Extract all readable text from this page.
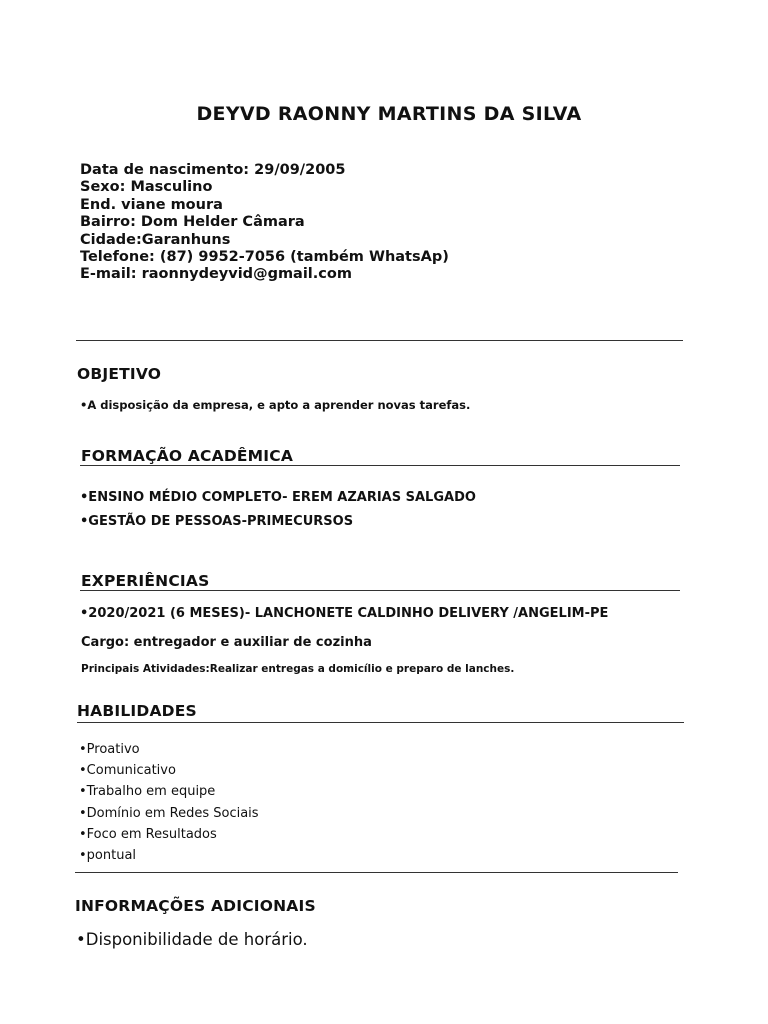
DEYVD RAONNY MARTINS DA SILVA
Data de nascimento: 29/09/2005
Sexo: Masculino
End. viane moura
Bairro: Dom Helder Câmara
Cidade:Garanhuns
Telefone: (87) 9952-7056 (também WhatsAp)
E-mail: raonnydeyvid@gmail.com
OBJETIVO
•A disposição da empresa, e apto a aprender novas tarefas.
FORMAÇÃO ACADÊMICA
•ENSINO MÉDIO COMPLETO- EREM AZARIAS SALGADO
•GESTÃO DE PESSOAS-PRIMECURSOS
EXPERIÊNCIAS
•2020/2021 (6 MESES)- LANCHONETE CALDINHO DELIVERY /ANGELIM-PE
Cargo: entregador e auxiliar de cozinha
Principais Atividades:Realizar entregas a domicílio e preparo de lanches.
HABILIDADES
•Proativo
•Comunicativo
•Trabalho em equipe
•Domínio em Redes Sociais
•Foco em Resultados
•pontual
INFORMAÇÕES ADICIONAIS
•Disponibilidade de horário.
